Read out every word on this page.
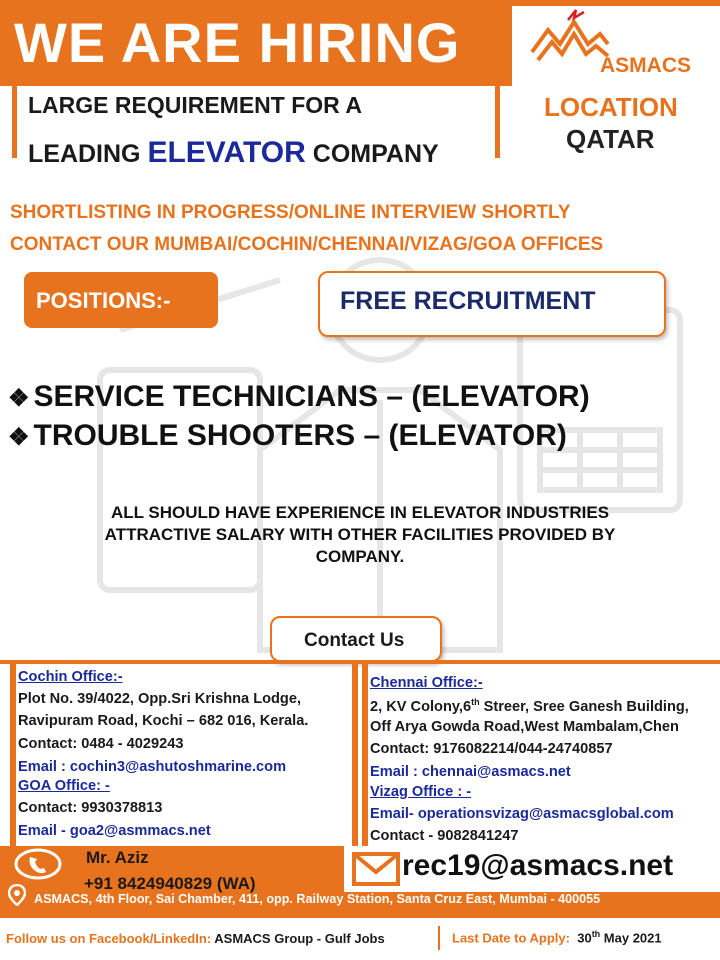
WE ARE HIRING
LARGE REQUIREMENT FOR A
LEADING ELEVATOR COMPANY
ASMACS
LOCATION
QATAR
SHORTLISTING IN PROGRESS/ONLINE INTERVIEW SHORTLY
CONTACT OUR MUMBAI/COCHIN/CHENNAI/VIZAG/GOA OFFICES
POSITIONS:-	FREE RECRUITMENT
❖ SERVICE TECHNICIANS – (ELEVATOR)
❖ TROUBLE SHOOTERS – (ELEVATOR)
ALL SHOULD HAVE EXPERIENCE IN ELEVATOR INDUSTRIES
ATTRACTIVE SALARY WITH OTHER FACILITIES PROVIDED BY
COMPANY.
Contact Us
Cochin Office:-
Plot No. 39/4022, Opp.Sri Krishna Lodge,
Ravipuram Road, Kochi – 682 016, Kerala.
Contact: 0484 - 4029243
Email : cochin3@ashutoshmarine.com
GOA Office: -
Contact: 9930378813
Email - goa2@asmmacs.net
Chennai Office:-
2, KV Colony,6th Streer, Sree Ganesh Building,
Off Arya Gowda Road,West Mambalam,Chen
Contact: 9176082214/044-24740857
Email : chennai@asmacs.net
Vizag Office : -
Email- operationsvizag@asmacsglobal.com
Contact - 9082841247
Mr. Aziz
+91 8424940829 (WA)
rec19@asmacs.net
ASMACS, 4th Floor, Sai Chamber, 411, opp. Railway Station, Santa Cruz East, Mumbai - 400055
Follow us on Facebook/LinkedIn: ASMACS Group - Gulf Jobs	Last Date to Apply: 30th May 2021
